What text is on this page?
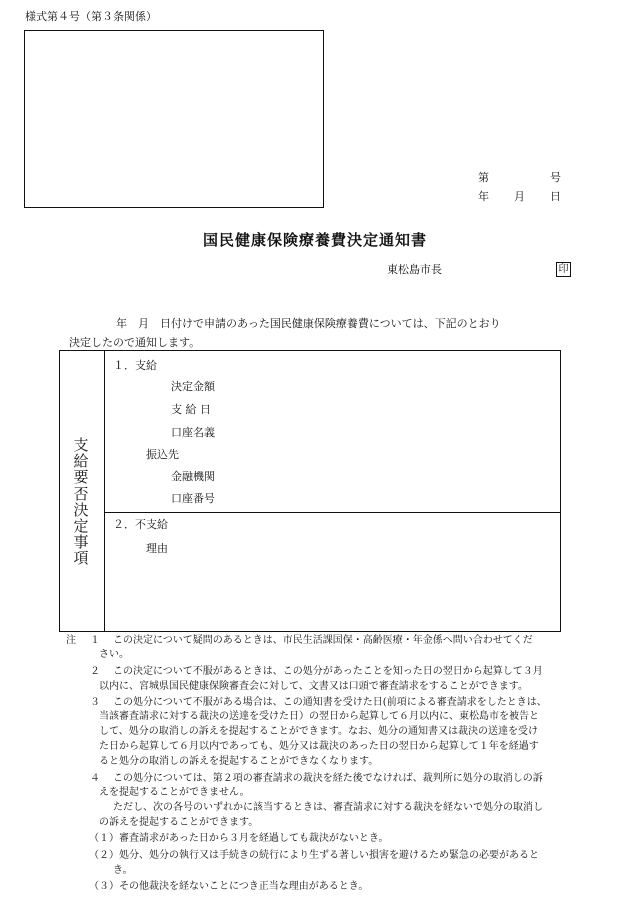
様式第４号（第３条関係）
第	号
年 月 日
国民健康保険療養費決定通知書
東松島市長	印
年　月　日付けで申請のあった国民健康保険療養費については、下記のとおり
決定したので通知します。
支給要否決定事項
１．支給
決定金額
支 給 日
口座名義
振込先
金融機関
口座番号
２．不支給
理由
注 １ この決定について疑問のあるときは、市民生活課国保・高齢医療・年金係へ問い合わせてくだ
さい。
２ この決定について不服があるときは、この処分があったことを知った日の翌日から起算して３月
以内に、宮城県国民健康保険審査会に対して、文書又は口頭で審査請求をすることができます。
３ この処分について不服がある場合は、この通知書を受けた日(前項による審査請求をしたときは、
当該審査請求に対する裁決の送達を受けた日）の翌日から起算して６月以内に、東松島市を被告と
して、処分の取消しの訴えを提起することができます。なお、処分の通知書又は裁決の送達を受け
た日から起算して６月以内であっても、処分又は裁決のあった日の翌日から起算して１年を経過す
ると処分の取消しの訴えを提起することができなくなります。
４ この処分については、第２項の審査請求の裁決を経た後でなければ、裁判所に処分の取消しの訴
えを提起することができません。
ただし、次の各号のいずれかに該当するときは、審査請求に対する裁決を経ないで処分の取消し
の訴えを提起することができます。
（１）審査請求があった日から３月を経過しても裁決がないとき。
（２）処分、処分の執行又は手続きの続行により生ずる著しい損害を避けるため緊急の必要があると
き。
（３）その他裁決を経ないことにつき正当な理由があるとき。
